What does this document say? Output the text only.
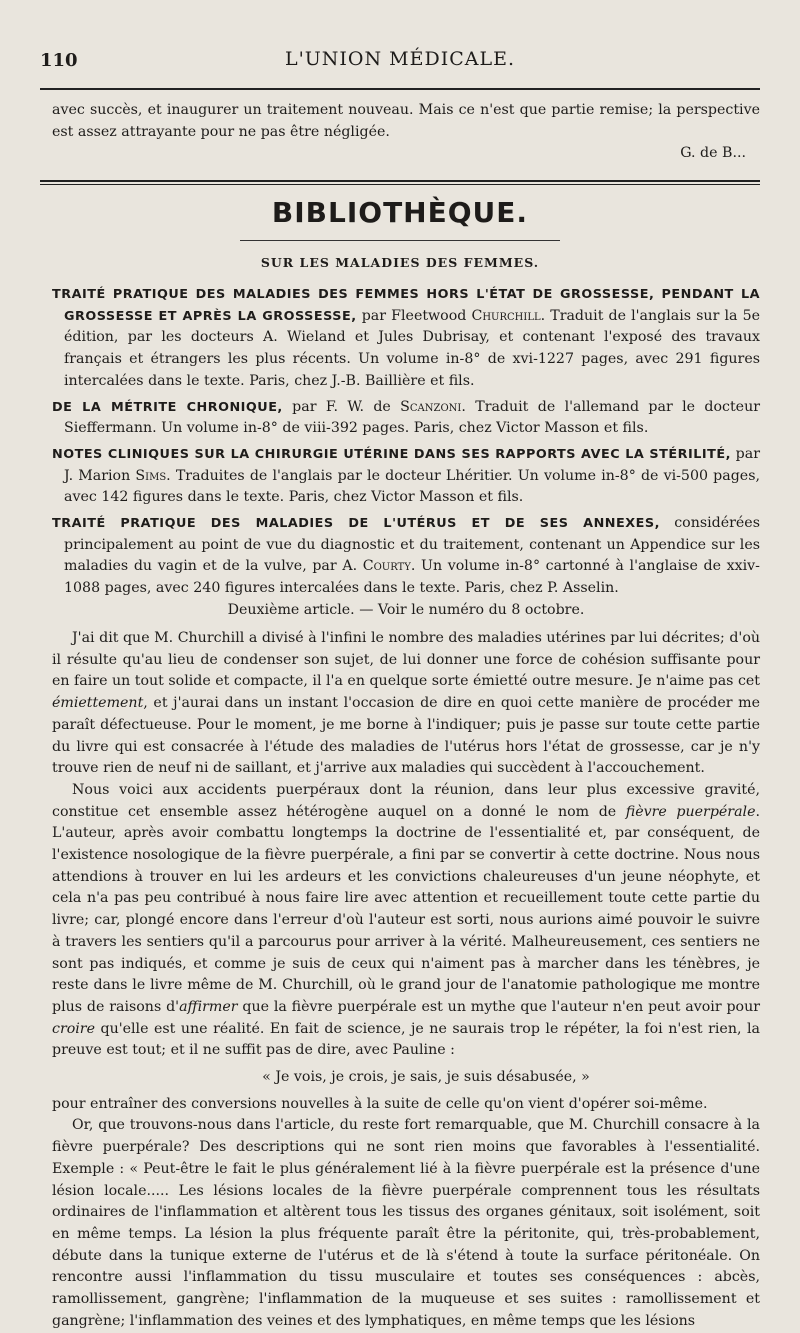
110	L'UNION MÉDICALE.

avec succès, et inaugurer un traitement nouveau. Mais ce n'est que partie remise; la perspective est assez attrayante pour ne pas être négligée.

G. de B...

BIBLIOTHÈQUE.
SUR LES MALADIES DES FEMMES.

TRAITÉ PRATIQUE DES MALADIES DES FEMMES HORS L'ÉTAT DE GROSSESSE, PENDANT LA GROSSESSE ET APRÈS LA GROSSESSE, par Fleetwood Churchill. Traduit de l'anglais sur la 5e édition, par les docteurs A. Wieland et Jules Dubrisay, et contenant l'exposé des travaux français et étrangers les plus récents. Un volume in-8° de xvi-1227 pages, avec 291 figures intercalées dans le texte. Paris, chez J.-B. Baillière et fils.

DE LA MÉTRITE CHRONIQUE, par F. W. de Scanzoni. Traduit de l'allemand par le docteur Sieffermann. Un volume in-8° de viii-392 pages. Paris, chez Victor Masson et fils.

NOTES CLINIQUES SUR LA CHIRURGIE UTÉRINE DANS SES RAPPORTS AVEC LA STÉRILITÉ, par J. Marion Sims. Traduites de l'anglais par le docteur Lhéritier. Un volume in-8° de vi-500 pages, avec 142 figures dans le texte. Paris, chez Victor Masson et fils.

TRAITÉ PRATIQUE DES MALADIES DE L'UTÉRUS ET DE SES ANNEXES, considérées principalement au point de vue du diagnostic et du traitement, contenant un Appendice sur les maladies du vagin et de la vulve, par A. Courty. Un volume in-8° cartonné à l'anglaise de xxiv-1088 pages, avec 240 figures intercalées dans le texte. Paris, chez P. Asselin.

Deuxième article. — Voir le numéro du 8 octobre.

J'ai dit que M. Churchill a divisé à l'infini le nombre des maladies utérines par lui décrites; d'où il résulte qu'au lieu de condenser son sujet, de lui donner une force de cohésion suffisante pour en faire un tout solide et compacte, il l'a en quelque sorte émietté outre mesure. Je n'aime pas cet émiettement, et j'aurai dans un instant l'occasion de dire en quoi cette manière de procéder me paraît défectueuse. Pour le moment, je me borne à l'indiquer; puis je passe sur toute cette partie du livre qui est consacrée à l'étude des maladies de l'utérus hors l'état de grossesse, car je n'y trouve rien de neuf ni de saillant, et j'arrive aux maladies qui succèdent à l'accouchement.

Nous voici aux accidents puerpéraux dont la réunion, dans leur plus excessive gravité, constitue cet ensemble assez hétérogène auquel on a donné le nom de fièvre puerpérale. L'auteur, après avoir combattu longtemps la doctrine de l'essentialité et, par conséquent, de l'existence nosologique de la fièvre puerpérale, a fini par se convertir à cette doctrine. Nous nous attendions à trouver en lui les ardeurs et les convictions chaleureuses d'un jeune néophyte, et cela n'a pas peu contribué à nous faire lire avec attention et recueillement toute cette partie du livre; car, plongé encore dans l'erreur d'où l'auteur est sorti, nous aurions aimé pouvoir le suivre à travers les sentiers qu'il a parcourus pour arriver à la vérité. Malheureusement, ces sentiers ne sont pas indiqués, et comme je suis de ceux qui n'aiment pas à marcher dans les ténèbres, je reste dans le livre même de M. Churchill, où le grand jour de l'anatomie pathologique me montre plus de raisons d'affirmer que la fièvre puerpérale est un mythe que l'auteur n'en peut avoir pour croire qu'elle est une réalité. En fait de science, je ne saurais trop le répéter, la foi n'est rien, la preuve est tout; et il ne suffit pas de dire, avec Pauline :

« Je vois, je crois, je sais, je suis désabusée, »

pour entraîner des conversions nouvelles à la suite de celle qu'on vient d'opérer soi-même.

Or, que trouvons-nous dans l'article, du reste fort remarquable, que M. Churchill consacre à la fièvre puerpérale? Des descriptions qui ne sont rien moins que favorables à l'essentialité. Exemple : « Peut-être le fait le plus généralement lié à la fièvre puerpérale est la présence d'une lésion locale..... Les lésions locales de la fièvre puerpérale comprennent tous les résultats ordinaires de l'inflammation et altèrent tous les tissus des organes génitaux, soit isolément, soit en même temps. La lésion la plus fréquente paraît être la péritonite, qui, très-probablement, débute dans la tunique externe de l'utérus et de là s'étend à toute la surface péritonéale. On rencontre aussi l'inflammation du tissu musculaire et toutes ses conséquences : abcès, ramollissement, gangrène; l'inflammation de la muqueuse et ses suites : ramollissement et gangrène; l'inflammation des veines et des lymphatiques, en même temps que les lésions
